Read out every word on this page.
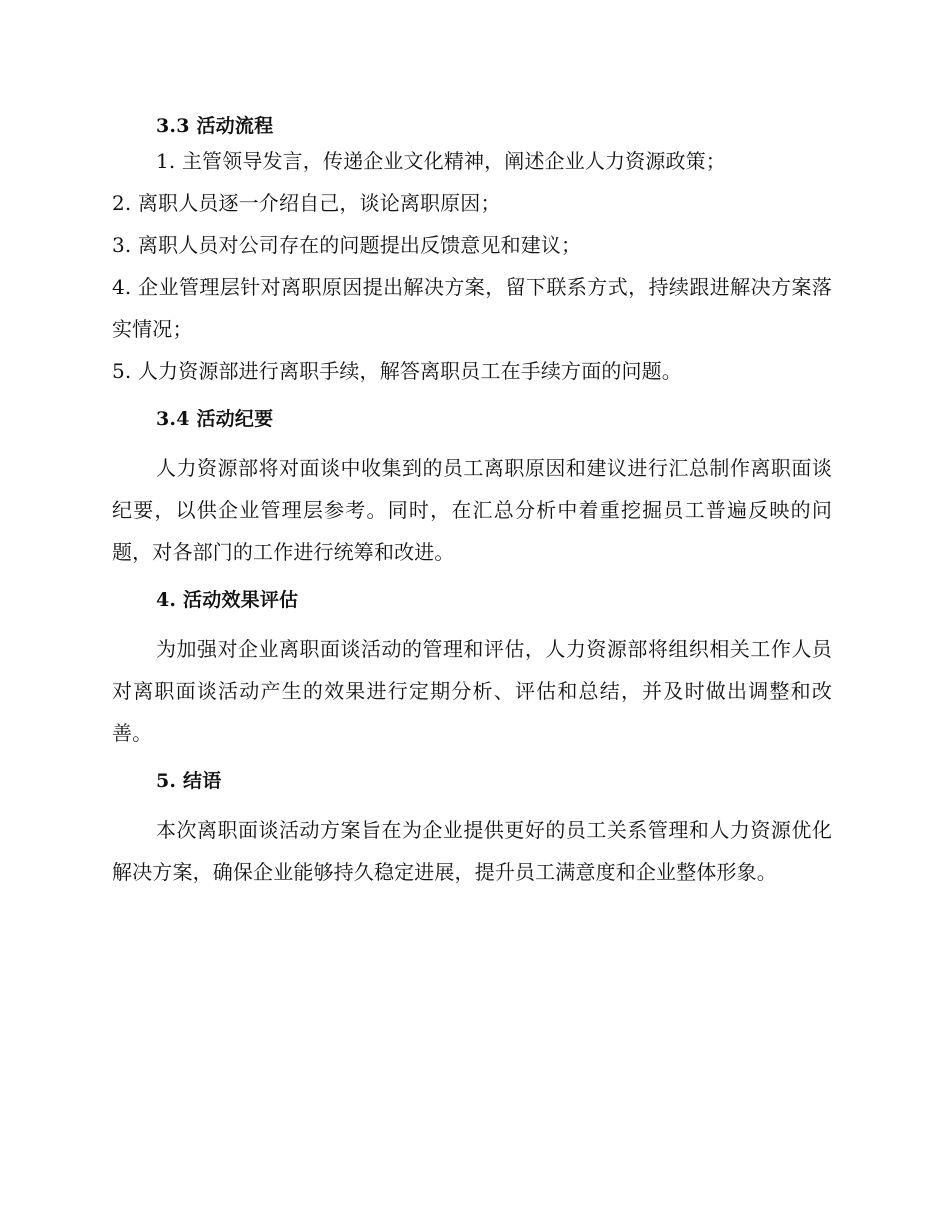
3.3 活动流程
1. 主管领导发言，传递企业文化精神，阐述企业人力资源政策；
2. 离职人员逐一介绍自己，谈论离职原因；
3. 离职人员对公司存在的问题提出反馈意见和建议；
4. 企业管理层针对离职原因提出解决方案，留下联系方式，持续跟进解决方案落实情况；
5. 人力资源部进行离职手续，解答离职员工在手续方面的问题。
3.4 活动纪要

人力资源部将对面谈中收集到的员工离职原因和建议进行汇总制作离职面谈纪要，以供企业管理层参考。同时，在汇总分析中着重挖掘员工普遍反映的问题，对各部门的工作进行统筹和改进。

4. 活动效果评估

为加强对企业离职面谈活动的管理和评估，人力资源部将组织相关工作人员对离职面谈活动产生的效果进行定期分析、评估和总结，并及时做出调整和改善。

5. 结语

本次离职面谈活动方案旨在为企业提供更好的员工关系管理和人力资源优化解决方案，确保企业能够持久稳定进展，提升员工满意度和企业整体形象。
